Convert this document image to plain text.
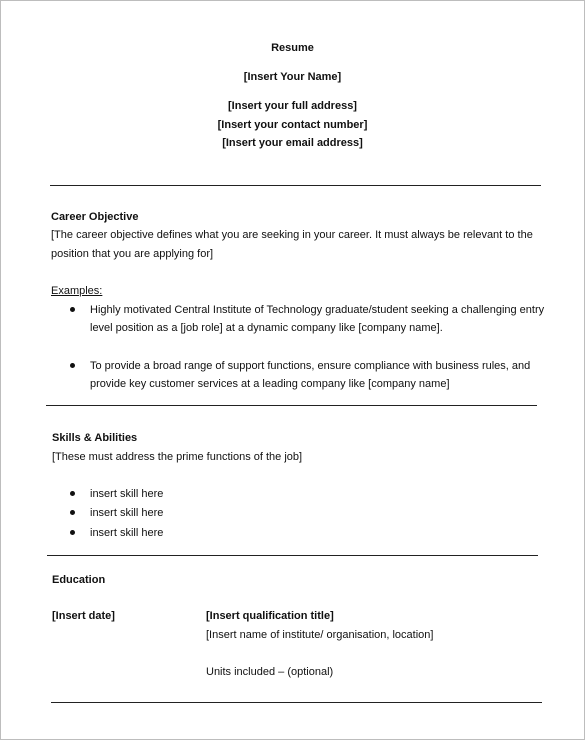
Resume
[Insert Your Name]
[Insert your full address]
[Insert your contact number]
[Insert your email address]
Career Objective
[The career objective defines what you are seeking in your career. It must always be relevant to the
position that you are applying for]
Examples:
Highly motivated Central Institute of Technology graduate/student seeking a challenging entry
level position as a [job role] at a dynamic company like [company name].
To provide a broad range of support functions, ensure compliance with business rules, and
provide key customer services at a leading company like [company name]
Skills & Abilities
[These must address the prime functions of the job]
insert skill here
insert skill here
insert skill here
Education
[Insert date]	[Insert qualification title]
[Insert name of institute/ organisation, location]
Units included – (optional)
